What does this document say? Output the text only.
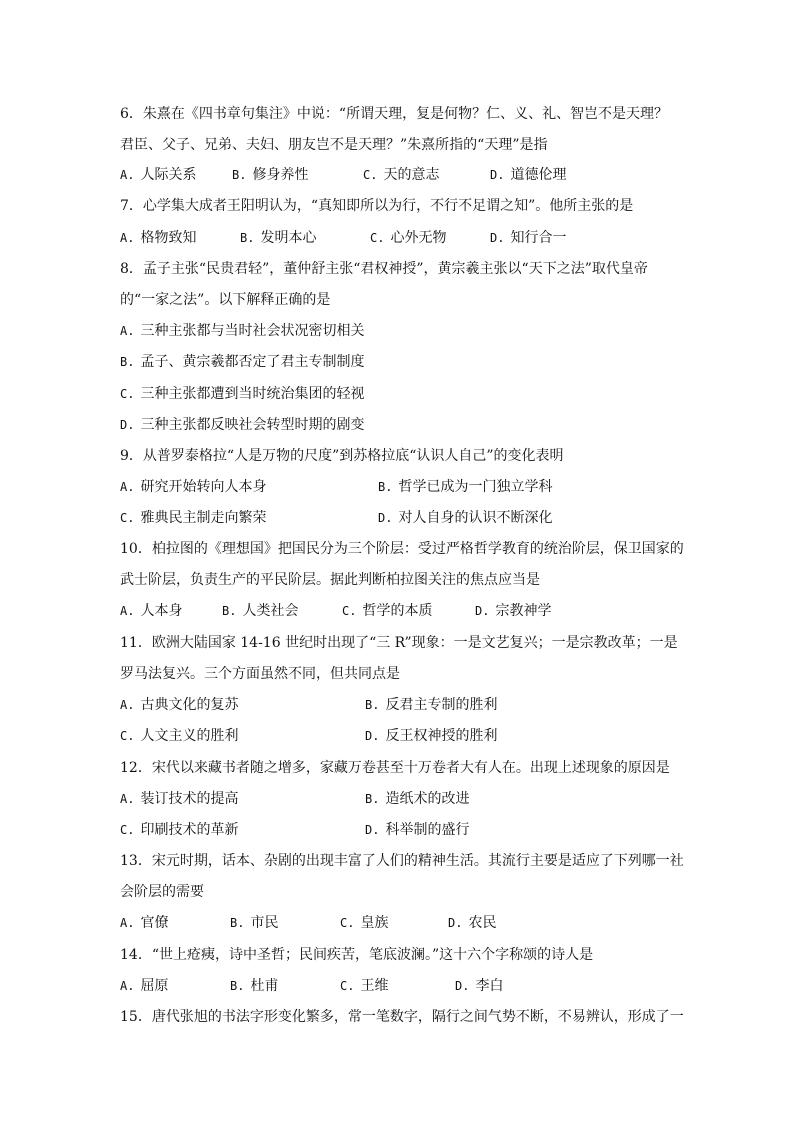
6．朱熹在《四书章句集注》中说：“所谓天理，复是何物？仁、义、礼、智岂不是天理？
君臣、父子、兄弟、夫妇、朋友岂不是天理？”朱熹所指的“天理”是指
A. 人际关系	B. 修身养性	C. 天的意志	D. 道德伦理
7．心学集大成者王阳明认为，“真知即所以为行，不行不足谓之知”。他所主张的是
A. 格物致知	B. 发明本心	C. 心外无物	D. 知行合一
8．孟子主张“民贵君轻”，董仲舒主张“君权神授”，黄宗羲主张以“天下之法”取代皇帝
的“一家之法”。以下解释正确的是
A. 三种主张都与当时社会状况密切相关
B. 孟子、黄宗羲都否定了君主专制制度
C. 三种主张都遭到当时统治集团的轻视
D. 三种主张都反映社会转型时期的剧变
9．从普罗泰格拉“人是万物的尺度”到苏格拉底“认识人自己”的变化表明
A. 研究开始转向人本身	B. 哲学已成为一门独立学科
C. 雅典民主制走向繁荣	D. 对人自身的认识不断深化
10．柏拉图的《理想国》把国民分为三个阶层：受过严格哲学教育的统治阶层，保卫国家的
武士阶层，负责生产的平民阶层。据此判断柏拉图关注的焦点应当是
A. 人本身	B. 人类社会	C. 哲学的本质	D. 宗教神学
11．欧洲大陆国家 14-16 世纪时出现了“三 R”现象：一是文艺复兴；一是宗教改革；一是
罗马法复兴。三个方面虽然不同，但共同点是
A. 古典文化的复苏	B. 反君主专制的胜利
C. 人文主义的胜利	D. 反王权神授的胜利
12．宋代以来藏书者随之增多，家藏万卷甚至十万卷者大有人在。出现上述现象的原因是
A. 装订技术的提高	B. 造纸术的改进
C. 印刷技术的革新	D. 科举制的盛行
13．宋元时期，话本、杂剧的出现丰富了人们的精神生活。其流行主要是适应了下列哪一社
会阶层的需要
A. 官僚	B. 市民	C. 皇族	D. 农民
14．“世上疮痍，诗中圣哲；民间疾苦，笔底波澜。”这十六个字称颂的诗人是
A. 屈原	B. 杜甫	C. 王维	D. 李白
15．唐代张旭的书法字形变化繁多，常一笔数字，隔行之间气势不断，不易辨认，形成了一
